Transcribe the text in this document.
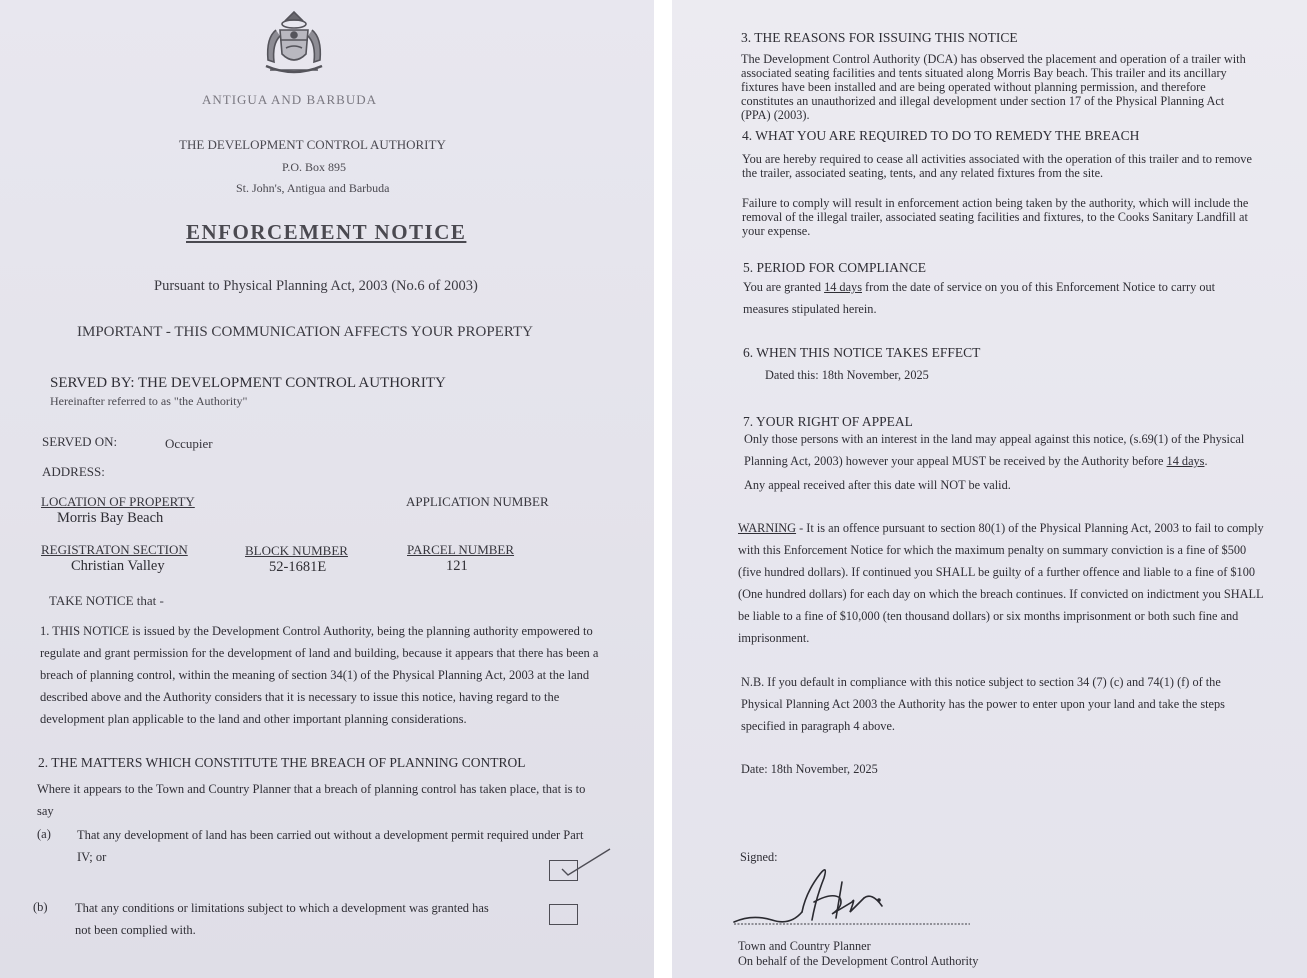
ANTIGUA AND BARBUDA

THE DEVELOPMENT CONTROL AUTHORITY

P.O. Box 895

St. John's, Antigua and Barbuda

ENFORCEMENT NOTICE

Pursuant to Physical Planning Act, 2003 (No.6 of 2003)

IMPORTANT - THIS COMMUNICATION AFFECTS YOUR PROPERTY

SERVED BY: THE DEVELOPMENT CONTROL AUTHORITY

Hereinafter referred to as "the Authority"

SERVED ON:	Occupier

ADDRESS:

LOCATION OF PROPERTY

Morris Bay Beach

APPLICATION NUMBER

REGISTRATON SECTION

Christian Valley

BLOCK NUMBER

52-1681E

PARCEL NUMBER

121

TAKE NOTICE that -

1. THIS NOTICE is issued by the Development Control Authority, being the planning authority empowered to regulate and grant permission for the development of land and building, because it appears that there has been a breach of planning control, within the meaning of section 34(1) of the Physical Planning Act, 2003 at the land described above and the Authority considers that it is necessary to issue this notice, having regard to the development plan applicable to the land and other important planning considerations.

2. THE MATTERS WHICH CONSTITUTE THE BREACH OF PLANNING CONTROL

Where it appears to the Town and Country Planner that a breach of planning control has taken place, that is to say

(a) That any development of land has been carried out without a development permit required under Part IV; or

(b) That any conditions or limitations subject to which a development was granted has not been complied with.

3. THE REASONS FOR ISSUING THIS NOTICE

The Development Control Authority (DCA) has observed the placement and operation of a trailer with associated seating facilities and tents situated along Morris Bay beach. This trailer and its ancillary fixtures have been installed and are being operated without planning permission, and therefore constitutes an unauthorized and illegal development under section 17 of the Physical Planning Act (PPA) (2003).

4. WHAT YOU ARE REQUIRED TO DO TO REMEDY THE BREACH

You are hereby required to cease all activities associated with the operation of this trailer and to remove the trailer, associated seating, tents, and any related fixtures from the site.

Failure to comply will result in enforcement action being taken by the authority, which will include the removal of the illegal trailer, associated seating facilities and fixtures, to the Cooks Sanitary Landfill at your expense.

5. PERIOD FOR COMPLIANCE

You are granted 14 days from the date of service on you of this Enforcement Notice to carry out measures stipulated herein.

6. WHEN THIS NOTICE TAKES EFFECT

Dated this: 18th November, 2025

7. YOUR RIGHT OF APPEAL

Only those persons with an interest in the land may appeal against this notice, (s.69(1) of the Physical Planning Act, 2003) however your appeal MUST be received by the Authority before 14 days.

Any appeal received after this date will NOT be valid.

WARNING - It is an offence pursuant to section 80(1) of the Physical Planning Act, 2003 to fail to comply with this Enforcement Notice for which the maximum penalty on summary conviction is a fine of $500 (five hundred dollars). If continued you SHALL be guilty of a further offence and liable to a fine of $100 (One hundred dollars) for each day on which the breach continues. If convicted on indictment you SHALL be liable to a fine of $10,000 (ten thousand dollars) or six months imprisonment or both such fine and imprisonment.

N.B. If you default in compliance with this notice subject to section 34 (7) (c) and 74(1) (f) of the Physical Planning Act 2003 the Authority has the power to enter upon your land and take the steps specified in paragraph 4 above.

Date: 18th November, 2025

Signed:

Town and Country Planner

On behalf of the Development Control Authority
